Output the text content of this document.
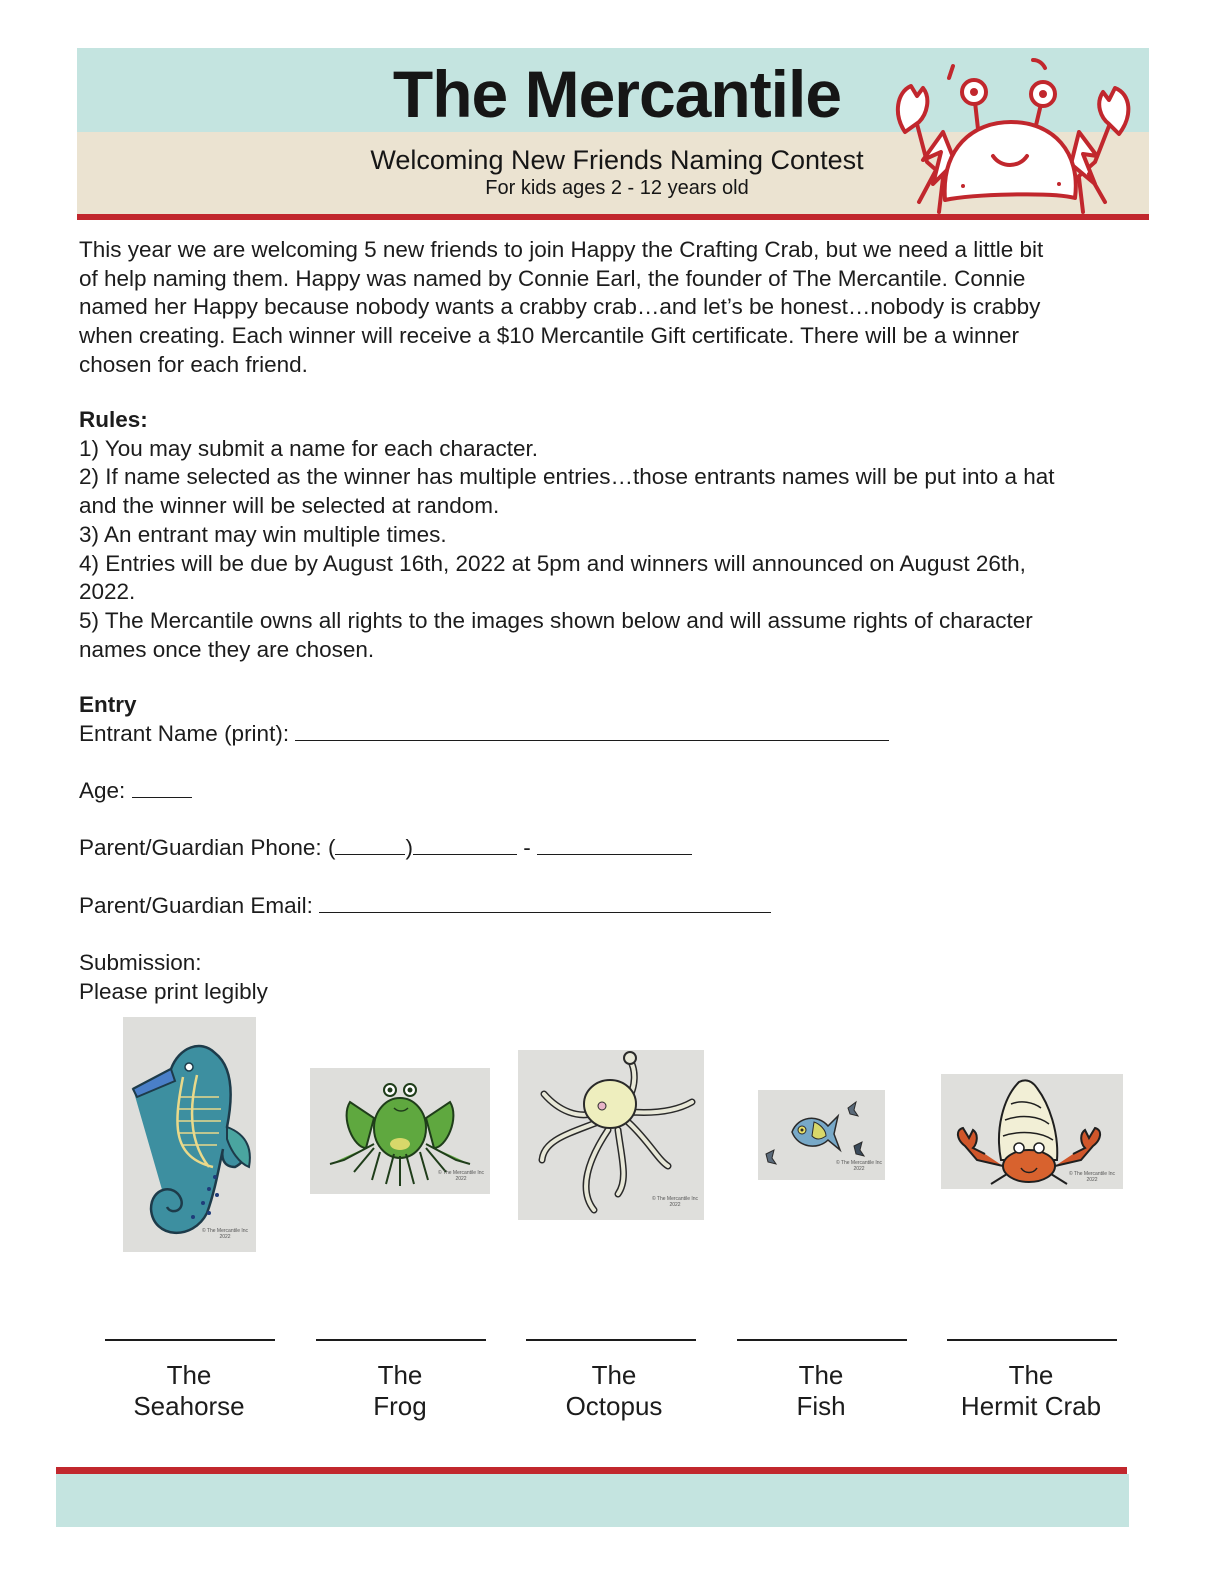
The Mercantile
Welcoming New Friends Naming Contest
For kids ages 2 - 12 years old
This year we are welcoming 5 new friends to join Happy the Crafting Crab, but we need a little bit
of help naming them. Happy was named by Connie Earl, the founder of The Mercantile. Connie
named her Happy because nobody wants a crabby crab…and let’s be honest…nobody is crabby
when creating. Each winner will receive a $10 Mercantile Gift certificate. There will be a winner
chosen for each friend.
Rules:
1) You may submit a name for each character.
2) If name selected as the winner has multiple entries…those entrants names will be put into a hat
and the winner will be selected at random.
3) An entrant may win multiple times.
4) Entries will be due by August 16th, 2022 at 5pm and winners will announced on August 26th,
2022.
5) The Mercantile owns all rights to the images shown below and will assume rights of character
names once they are chosen.
Entry
Entrant Name (print):
Age:
Parent/Guardian Phone: (	)	-
Parent/Guardian Email:
Submission:
Please print legibly
© The Mercantile Inc 2022
© The Mercantile Inc 2022
© The Mercantile Inc 2022
© The Mercantile Inc 2022
© The Mercantile Inc 2022
The
Seahorse
The
Frog
The
Octopus
The
Fish
The
Hermit Crab
